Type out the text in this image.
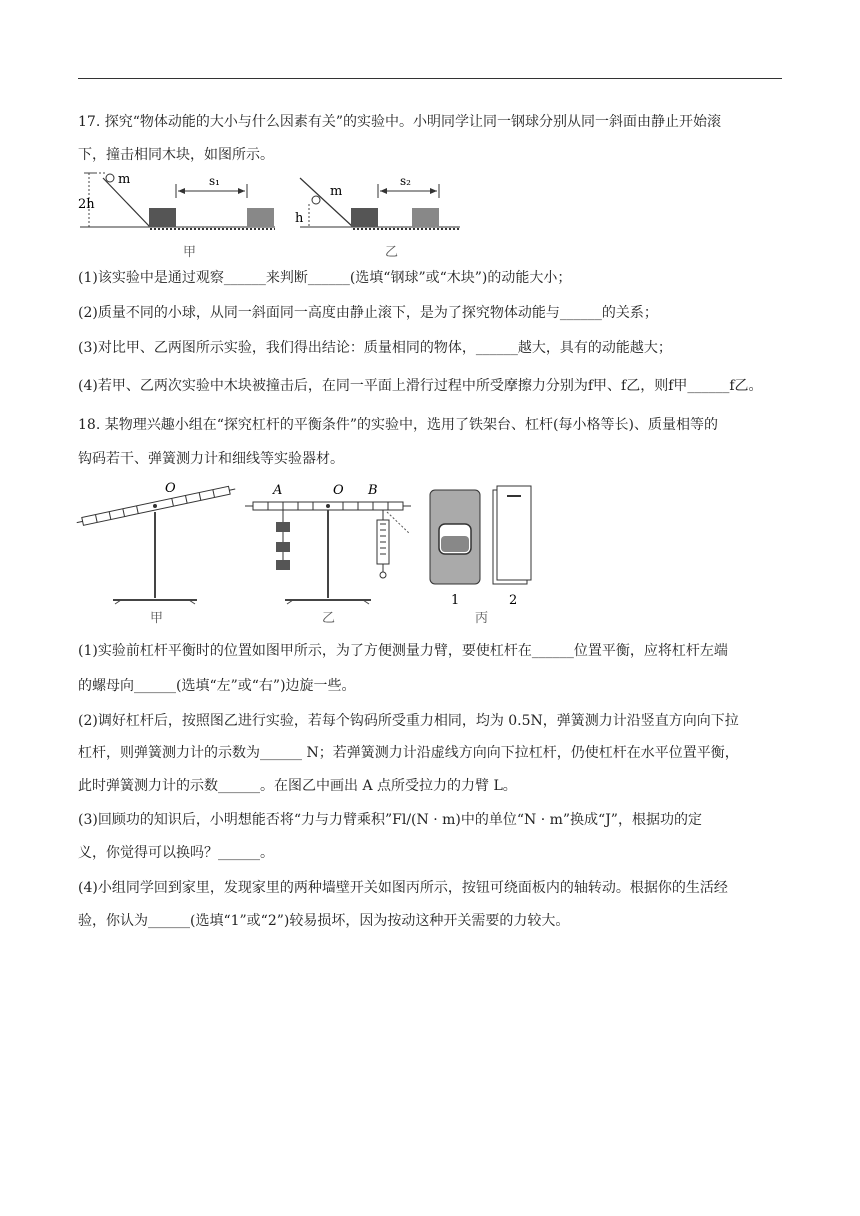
17. 探究“物体动能的大小与什么因素有关”的实验中。小明同学让同一钢球分别从同一斜面由静止开始滚
下，撞击相同木块，如图所示。
2h
m	s₁
甲
m
h
s₂
乙
(1)该实验中是通过观察______来判断______(选填“钢球”或“木块”)的动能大小；
(2)质量不同的小球，从同一斜面同一高度由静止滚下，是为了探究物体动能与______的关系；
(3)对比甲、乙两图所示实验，我们得出结论：质量相同的物体，______越大，具有的动能越大；
(4)若甲、乙两次实验中木块被撞击后，在同一平面上滑行过程中所受摩擦力分别为f甲、f乙，则f甲______f乙。
18. 某物理兴趣小组在“探究杠杆的平衡条件”的实验中，选用了铁架台、杠杆(每小格等长)、质量相等的
钩码若干、弹簧测力计和细线等实验器材。
O
甲
A	O B
乙
1	2
丙
(1)实验前杠杆平衡时的位置如图甲所示，为了方便测量力臂，要使杠杆在______位置平衡，应将杠杆左端
的螺母向______(选填“左”或“右”)边旋一些。
(2)调好杠杆后，按照图乙进行实验，若每个钩码所受重力相同，均为 0.5N，弹簧测力计沿竖直方向向下拉
杠杆，则弹簧测力计的示数为______ N；若弹簧测力计沿虚线方向向下拉杠杆，仍使杠杆在水平位置平衡，
此时弹簧测力计的示数______。在图乙中画出 A 点所受拉力的力臂 L。
(3)回顾功的知识后，小明想能否将“力与力臂乘积”Fl/(N · m)中的单位“N · m”换成“J”，根据功的定
义，你觉得可以换吗？______。
(4)小组同学回到家里，发现家里的两种墙壁开关如图丙所示，按钮可绕面板内的轴转动。根据你的生活经
验，你认为______(选填“1”或“2”)较易损坏，因为按动这种开关需要的力较大。
